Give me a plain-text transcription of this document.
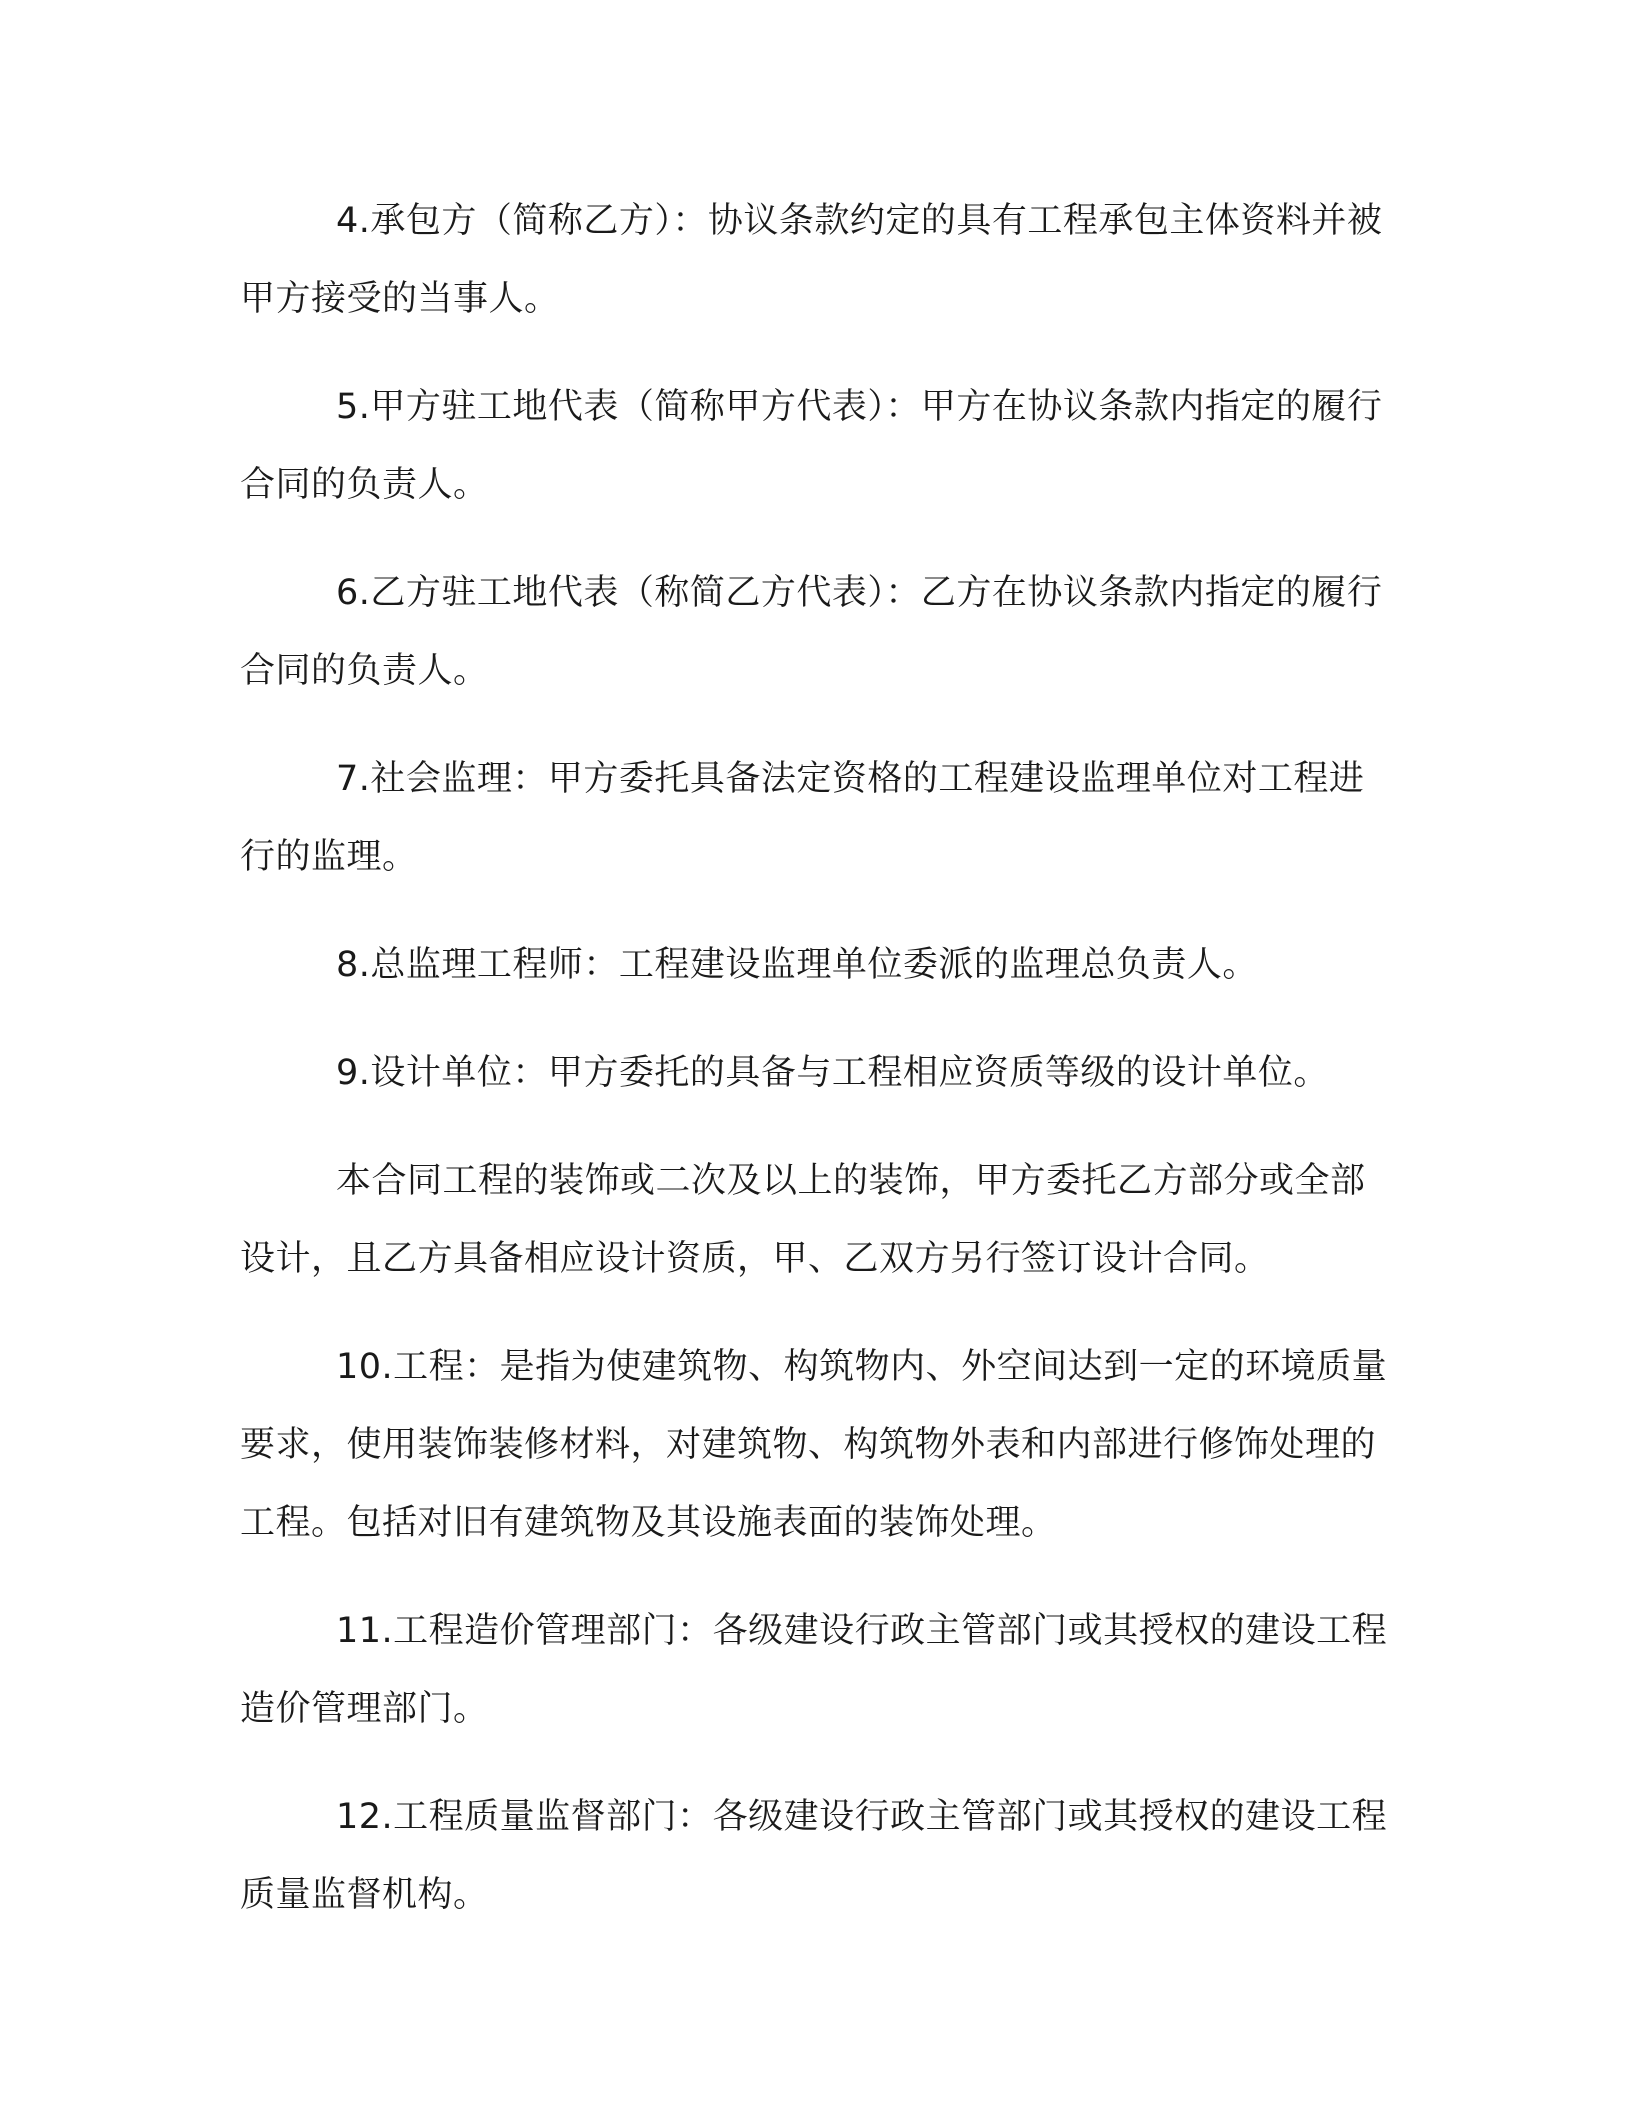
4.承包方（简称乙方）：协议条款约定的具有工程承包主体资料并被甲方接受的当事人。

5.甲方驻工地代表（简称甲方代表）：甲方在协议条款内指定的履行合同的负责人。

6.乙方驻工地代表（称简乙方代表）：乙方在协议条款内指定的履行合同的负责人。

7.社会监理：甲方委托具备法定资格的工程建设监理单位对工程进行的监理。

8.总监理工程师：工程建设监理单位委派的监理总负责人。

9.设计单位：甲方委托的具备与工程相应资质等级的设计单位。

本合同工程的装饰或二次及以上的装饰，甲方委托乙方部分或全部设计，且乙方具备相应设计资质，甲、乙双方另行签订设计合同。

10.工程：是指为使建筑物、构筑物内、外空间达到一定的环境质量要求，使用装饰装修材料，对建筑物、构筑物外表和内部进行修饰处理的工程。包括对旧有建筑物及其设施表面的装饰处理。

11.工程造价管理部门：各级建设行政主管部门或其授权的建设工程造价管理部门。

12.工程质量监督部门：各级建设行政主管部门或其授权的建设工程质量监督机构。
